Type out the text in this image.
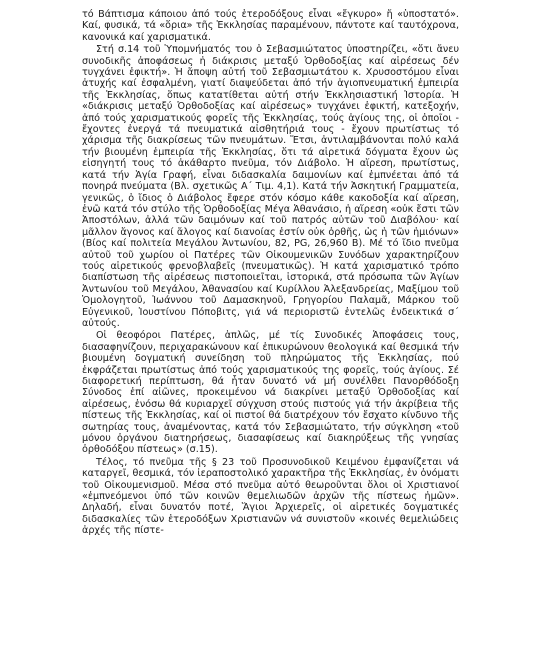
τό Βάπτισμα κάποιου ἀπό τούς ἑτεροδόξους εἶναι «ἔγκυρο» ἤ «ὑποστατό». Καί, φυσικά, τά «ὅρια» τῆς Ἐκκλησίας παραμένουν, πάντοτε καί ταυτόχρονα, κανονικά καί χαρισματικά.

Στή σ.14 τοῦ Ὑπομνήματός του ὁ Σεβασμιώτατος ὑποστηρίζει, «ὅτι ἄνευ συνοδικῆς ἀποφάσεως ἡ διάκρισις μεταξύ Ὀρθοδοξίας καί αἱρέσεως δέν τυγχάνει ἐφικτή». Ἡ ἄποψη αὐτή τοῦ Σεβασμιωτάτου κ. Χρυσοστόμου εἶναι ἀτυχής καί ἐσφαλμένη, γιατί διαψεύδεται ἀπό τήν ἁγιοπνευματική ἐμπειρία τῆς Ἐκκλησίας, ὅπως κατατίθεται αὐτή στήν Ἐκκλησιαστική Ἱστορία. Ἡ «διάκρισις μεταξύ Ὀρθοδοξίας καί αἱρέσεως» τυγχάνει ἐφικτή, κατεξοχήν, ἀπό τούς χαρισματικούς φορεῖς τῆς Ἐκκλησίας, τούς ἁγίους της, οἱ ὁποῖοι - ἔχοντες ἐνεργά τά πνευματικά αἰσθητήριά τους - ἔχουν πρωτίστως τό χάρισμα τῆς διακρίσεως τῶν πνευμάτων. Ἔτσι, ἀντιλαμβάνονται πολύ καλά τήν βιουμένη ἐμπειρία τῆς Ἐκκλησίας, ὅτι τά αἱρετικά δόγματα ἔχουν ὡς εἰσηγητή τους τό ἀκάθαρτο πνεῦμα, τόν Διάβολο. Ἡ αἵρεση, πρωτίστως, κατά τήν Ἁγία Γραφή, εἶναι διδασκαλία δαιμονίων καί ἐμπνέεται ἀπό τά πονηρά πνεύματα (Βλ. σχετικῶς Α΄ Τιμ. 4,1). Κατά τήν Ἀσκητική Γραμματεία, γενικῶς, ὁ ἴδιος ὁ Διάβολος ἔφερε στόν κόσμο κάθε κακοδοξία καί αἵρεση, ἐνῶ κατά τόν στύλο τῆς Ὀρθοδοξίας Μέγα Ἀθανάσιο, ἡ αἵρεση «οὐκ ἔστι τῶν Ἀποστόλων, ἀλλά τῶν δαιμόνων καί τοῦ πατρός αὐτῶν τοῦ Διαβόλου· καί μᾶλλον ἄγονος καί ἄλογος καί διανοίας ἐστίν οὐκ ὀρθῆς, ὡς ἡ τῶν ἡμιόνων» (Βίος καί πολιτεία Μεγάλου Ἀντωνίου, 82, PG, 26,960 B). Μέ τό ἴδιο πνεῦμα αὐτοῦ τοῦ χωρίου οἱ Πατέρες τῶν Οἰκουμενικῶν Συνόδων χαρακτηρίζουν τούς αἱρετικούς φρενοβλαβεῖς (πνευματικῶς). Ἡ κατά χαρισματικό τρόπο διαπίστωση τῆς αἱρέσεως πιστοποιεῖται, ἱστορικά, στά πρόσωπα τῶν Ἁγίων Ἀντωνίου τοῦ Μεγάλου, Ἀθανασίου καί Κυρίλλου Ἀλεξανδρείας, Μαξίμου τοῦ Ὁμολογητοῦ, Ἰωάννου τοῦ Δαμασκηνοῦ, Γρηγορίου Παλαμᾶ, Μάρκου τοῦ Εὐγενικοῦ, Ἰουστίνου Πόποβιτς, γιά νά περιοριστῶ ἐντελῶς ἐνδεικτικά σ΄ αὐτούς.

Οἱ θεοφόροι Πατέρες, ἁπλῶς, μέ τίς Συνοδικές Ἀποφάσεις τους, διασαφηνίζουν, περιχαρακώνουν καί ἐπικυρώνουν θεολογικά καί θεσμικά τήν βιουμένη δογματική συνείδηση τοῦ πληρώματος τῆς Ἐκκλησίας, πού ἐκφράζεται πρωτίστως ἀπό τούς χαρισματικούς της φορεῖς, τούς ἁγίους. Σέ διαφορετική περίπτωση, θά ἦταν δυνατό νά μή συνέλθει Πανορθόδοξη Σύνοδος ἐπί αἰῶνες, προκειμένου νά διακρίνει μεταξύ Ὀρθοδοξίας καί αἱρέσεως, ἐνόσω θά κυριαρχεῖ σύγχυση στούς πιστούς γιά τήν ἀκρίβεια τῆς πίστεως τῆς Ἐκκλησίας, καί οἱ πιστοί θά διατρέχουν τόν ἔσχατο κίνδυνο τῆς σωτηρίας τους, ἀναμένοντας, κατά τόν Σεβασμιώτατο, τήν σύγκληση «τοῦ μόνου ὀργάνου διατηρήσεως, διασαφίσεως καί διακηρύξεως τῆς γνησίας ὀρθοδόξου πίστεως» (σ.15).

Τέλος, τό πνεῦμα τῆς § 23 τοῦ Προσυνοδικοῦ Κειμένου ἐμφανίζεται νά καταργεῖ, θεσμικά, τόν ἱεραποστολικό χαρακτῆρα τῆς Ἐκκλησίας, ἐν ὀνόματι τοῦ Οἰκουμενισμοῦ. Μέσα στό πνεῦμα αὐτό θεωροῦνται ὅλοι οἱ Χριστιανοί «ἐμπνεόμενοι ὑπό τῶν κοινῶν θεμελιωδῶν ἀρχῶν τῆς πίστεως ἡμῶν». Δηλαδή, εἶναι δυνατόν ποτέ, Ἅγιοι Ἀρχιερεῖς, οἱ αἱρετικές δογματικές διδασκαλίες τῶν ἑτεροδόξων Χριστιανῶν νά συνιστοῦν «κοινές θεμελιώδεις ἀρχές τῆς πίστε-
